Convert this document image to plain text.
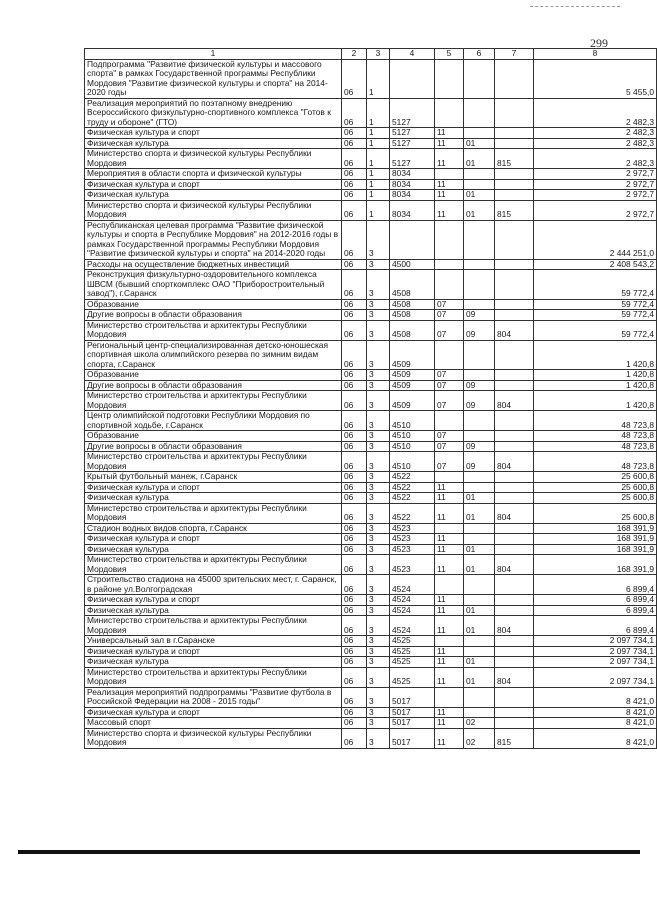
299
1	2	3	4	5	6	7	8
Подпрограмма "Развитие физической культуры и массового спорта" в рамках Государственной программы Республики Мордовия "Развитие физической культуры и спорта" на 2014-2020 годы	06	1					5 455,0
Реализация мероприятий по поэтапному внедрению Всероссийского физкультурно-спортивного комплекса "Готов к труду и обороне" (ГТО)	06	1	5127				2 482,3
Физическая культура и спорт	06	1	5127	11			2 482,3
Физическая культура	06	1	5127	11	01		2 482,3
Министерство спорта и физической культуры Республики Мордовия	06	1	5127	11	01	815	2 482,3
Мероприятия в области спорта и физической культуры	06	1	8034				2 972,7
Физическая культура и спорт	06	1	8034	11			2 972,7
Физическая культура	06	1	8034	11	01		2 972,7
Министерство спорта и физической культуры Республики Мордовия	06	1	8034	11	01	815	2 972,7
Республиканская целевая программа "Развитие физической культуры и спорта в Республике Мордовия" на 2012-2016 годы в рамках Государственной программы Республики Мордовия "Развитие физической культуры и спорта" на 2014-2020 годы	06	3					2 444 251,0
Расходы на осуществление бюджетных инвестиций	06	3	4500				2 408 543,2
Реконструкция физкультурно-оздоровительного комплекса ШВСМ (бывший спорткомплекс ОАО "Приборостроительный завод"), г.Саранск	06	3	4508				59 772,4
Образование	06	3	4508	07			59 772,4
Другие вопросы в области образования	06	3	4508	07	09		59 772,4
Министерство строительства и архитектуры Республики Мордовия	06	3	4508	07	09	804	59 772,4
Региональный центр-специализированная детско-юношеская спортивная школа олимпийского резерва по зимним видам спорта, г.Саранск	06	3	4509				1 420,8
Образование	06	3	4509	07			1 420,8
Другие вопросы в области образования	06	3	4509	07	09		1 420,8
Министерство строительства и архитектуры Республики Мордовия	06	3	4509	07	09	804	1 420,8
Центр олимпийской подготовки Республики Мордовия по спортивной ходьбе, г.Саранск	06	3	4510				48 723,8
Образование	06	3	4510	07			48 723,8
Другие вопросы в области образования	06	3	4510	07	09		48 723,8
Министерство строительства и архитектуры Республики Мордовия	06	3	4510	07	09	804	48 723,8
Крытый футбольный манеж, г.Саранск	06	3	4522				25 600,8
Физическая культура и спорт	06	3	4522	11			25 600,8
Физическая культура	06	3	4522	11	01		25 600,8
Министерство строительства и архитектуры Республики Мордовия	06	3	4522	11	01	804	25 600,8
Стадион водных видов спорта, г.Саранск	06	3	4523				168 391,9
Физическая культура и спорт	06	3	4523	11			168 391,9
Физическая культура	06	3	4523	11	01		168 391,9
Министерство строительства и архитектуры Республики Мордовия	06	3	4523	11	01	804	168 391,9
Строительство стадиона на 45000 зрительских мест, г. Саранск, в районе ул.Волгоградская	06	3	4524				6 899,4
Физическая культура и спорт	06	3	4524	11			6 899,4
Физическая культура	06	3	4524	11	01		6 899,4
Министерство строительства и архитектуры Республики Мордовия	06	3	4524	11	01	804	6 899,4
Универсальный зал в г.Саранске	06	3	4525				2 097 734,1
Физическая культура и спорт	06	3	4525	11			2 097 734,1
Физическая культура	06	3	4525	11	01		2 097 734,1
Министерство строительства и архитектуры Республики Мордовия	06	3	4525	11	01	804	2 097 734,1
Реализация мероприятий подпрограммы "Развитие футбола в Российской Федерации на 2008 - 2015 годы"	06	3	5017				8 421,0
Физическая культура и спорт	06	3	5017	11			8 421,0
Массовый спорт	06	3	5017	11	02		8 421,0
Министерство спорта и физической культуры Республики Мордовия	06	3	5017	11	02	815	8 421,0
